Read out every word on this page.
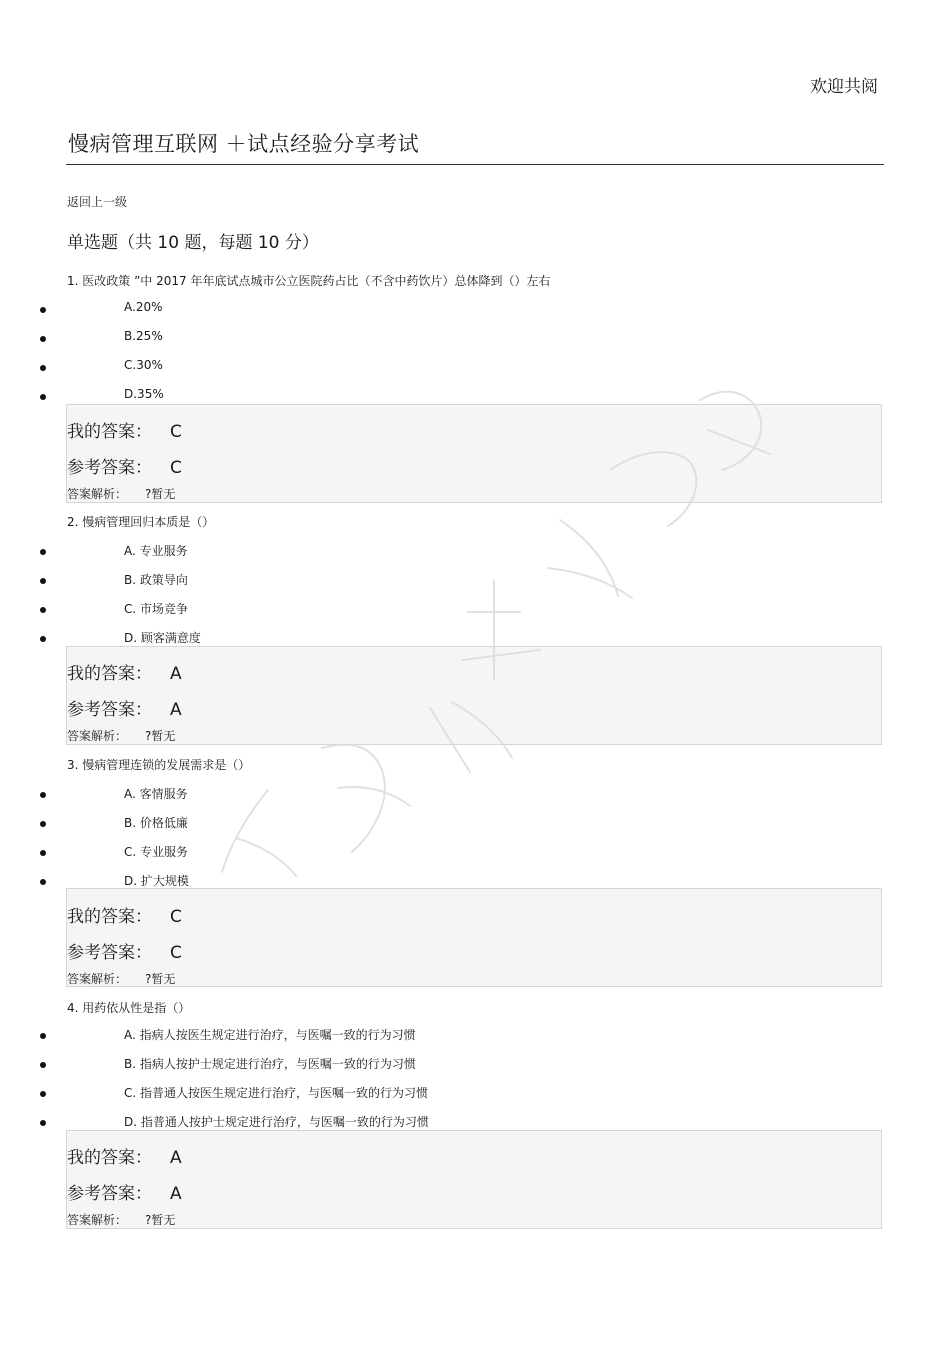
欢迎共阅
慢病管理互联网 ＋试点经验分享考试
返回上一级
单选题（共 10 题，每题 10 分）
1. 医改政策 ”中 2017 年年底试点城市公立医院药占比（不含中药饮片）总体降到（）左右
A.20%
B.25%
C.30%
D.35%
我的答案： C
参考答案： C
答案解析： ?暂无
2. 慢病管理回归本质是（）
A. 专业服务
B. 政策导向
C. 市场竞争
D. 顾客满意度
我的答案： A
参考答案： A
答案解析： ?暂无
3. 慢病管理连锁的发展需求是（）
A. 客情服务
B. 价格低廉
C. 专业服务
D. 扩大规模
我的答案： C
参考答案： C
答案解析： ?暂无
4. 用药依从性是指（）
A. 指病人按医生规定进行治疗，与医嘱一致的行为习惯
B. 指病人按护士规定进行治疗，与医嘱一致的行为习惯
C. 指普通人按医生规定进行治疗，与医嘱一致的行为习惯
D. 指普通人按护士规定进行治疗，与医嘱一致的行为习惯
我的答案： A
参考答案： A
答案解析： ?暂无
